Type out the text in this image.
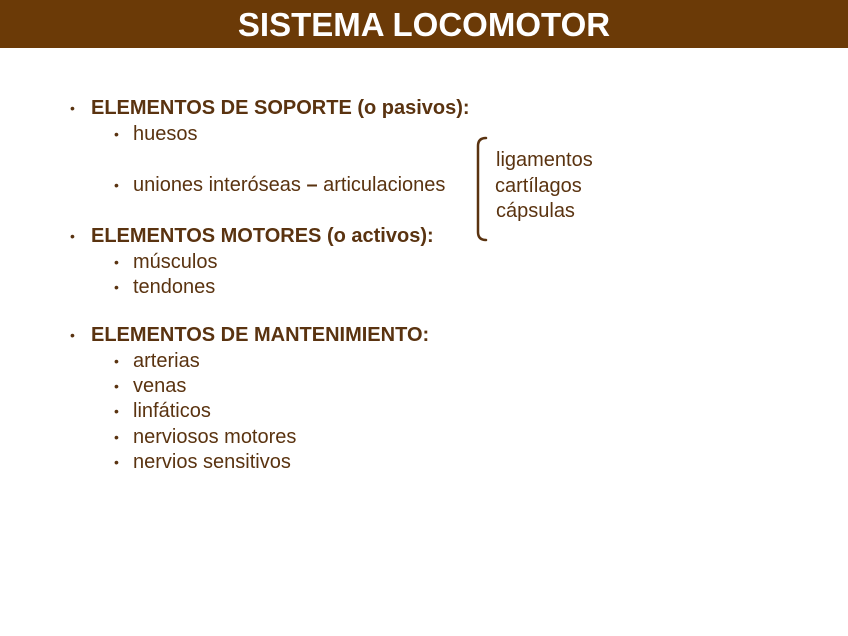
SISTEMA LOCOMOTOR
• ELEMENTOS DE SOPORTE (o pasivos):
• huesos
• uniones interóseas – articulaciones
ligamentos
cartílagos
cápsulas
• ELEMENTOS MOTORES (o activos):
• músculos
• tendones
• ELEMENTOS DE MANTENIMIENTO:
• arterias
• venas
• linfáticos
• nerviosos motores
• nervios sensitivos
